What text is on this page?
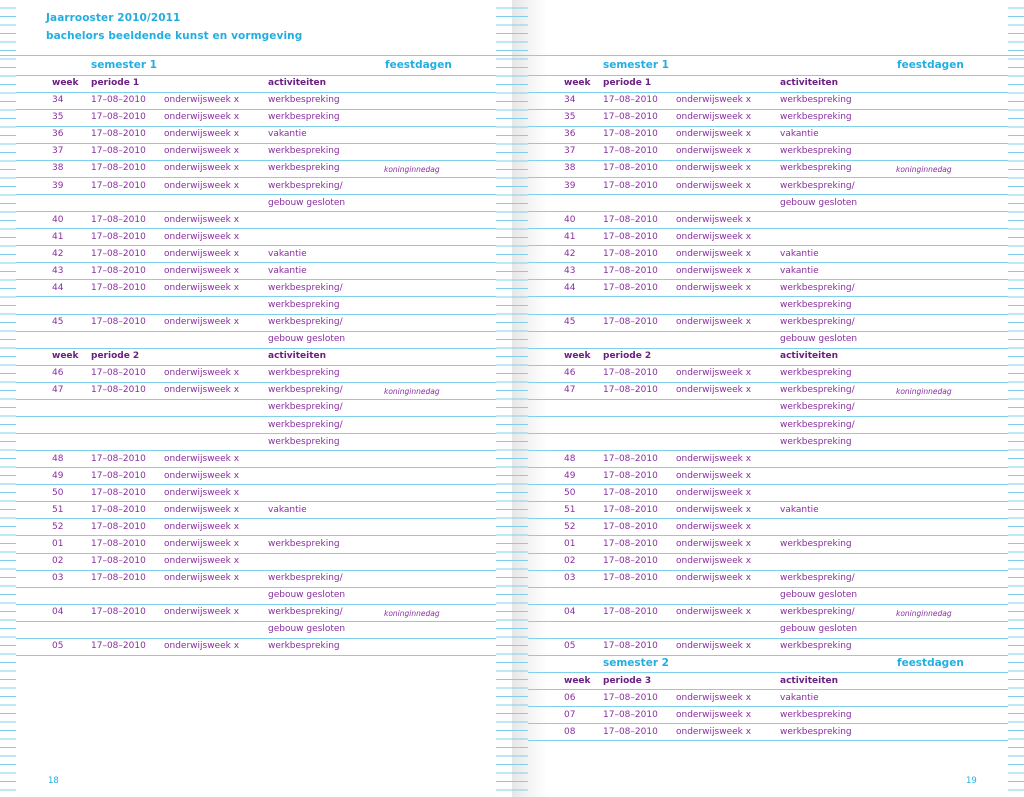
Jaarrooster 2010/2011
bachelors beeldende kunst en vormgeving
semester 1	feestdagen
week periode 1	activiteiten
34	17–08–2010 onderwijsweek x	werkbespreking
35	17–08–2010 onderwijsweek x	werkbespreking
36	17–08–2010 onderwijsweek x	vakantie
37	17–08–2010 onderwijsweek x	werkbespreking
38	17–08–2010 onderwijsweek x	werkbespreking	koninginnedag
39	17–08–2010 onderwijsweek x	werkbespreking/
gebouw gesloten
40	17–08–2010 onderwijsweek x
41	17–08–2010 onderwijsweek x
42	17–08–2010 onderwijsweek x	vakantie
43	17–08–2010 onderwijsweek x	vakantie
44	17–08–2010 onderwijsweek x	werkbespreking/
werkbespreking
45	17–08–2010 onderwijsweek x	werkbespreking/
gebouw gesloten
week periode 2	activiteiten
46	17–08–2010 onderwijsweek x	werkbespreking
47	17–08–2010 onderwijsweek x	werkbespreking/	koninginnedag
werkbespreking/
werkbespreking/
werkbespreking
48	17–08–2010 onderwijsweek x
49	17–08–2010 onderwijsweek x
50	17–08–2010 onderwijsweek x
51	17–08–2010 onderwijsweek x	vakantie
52	17–08–2010 onderwijsweek x
01	17–08–2010 onderwijsweek x	werkbespreking
02	17–08–2010 onderwijsweek x
03	17–08–2010 onderwijsweek x	werkbespreking/
gebouw gesloten
04	17–08–2010 onderwijsweek x	werkbespreking/	koninginnedag
gebouw gesloten
05	17–08–2010 onderwijsweek x	werkbespreking
18
semester 1	feestdagen
week periode 1	activiteiten
34	17–08–2010 onderwijsweek x	werkbespreking
35	17–08–2010 onderwijsweek x	werkbespreking
36	17–08–2010 onderwijsweek x	vakantie
37	17–08–2010 onderwijsweek x	werkbespreking
38	17–08–2010 onderwijsweek x	werkbespreking	koninginnedag
39	17–08–2010 onderwijsweek x	werkbespreking/
gebouw gesloten
40	17–08–2010 onderwijsweek x
41	17–08–2010 onderwijsweek x
42	17–08–2010 onderwijsweek x	vakantie
43	17–08–2010 onderwijsweek x	vakantie
44	17–08–2010 onderwijsweek x	werkbespreking/
werkbespreking
45	17–08–2010 onderwijsweek x	werkbespreking/
gebouw gesloten
week periode 2	activiteiten
46	17–08–2010 onderwijsweek x	werkbespreking
47	17–08–2010 onderwijsweek x	werkbespreking/	koninginnedag
werkbespreking/
werkbespreking/
werkbespreking
48	17–08–2010 onderwijsweek x
49	17–08–2010 onderwijsweek x
50	17–08–2010 onderwijsweek x
51	17–08–2010 onderwijsweek x	vakantie
52	17–08–2010 onderwijsweek x
01	17–08–2010 onderwijsweek x	werkbespreking
02	17–08–2010 onderwijsweek x
03	17–08–2010 onderwijsweek x	werkbespreking/
gebouw gesloten
04	17–08–2010 onderwijsweek x	werkbespreking/	koninginnedag
gebouw gesloten
05	17–08–2010 onderwijsweek x	werkbespreking
semester 2	feestdagen
week periode 3	activiteiten
06	17–08–2010 onderwijsweek x	vakantie
07	17–08–2010 onderwijsweek x	werkbespreking
08	17–08–2010 onderwijsweek x	werkbespreking
19
